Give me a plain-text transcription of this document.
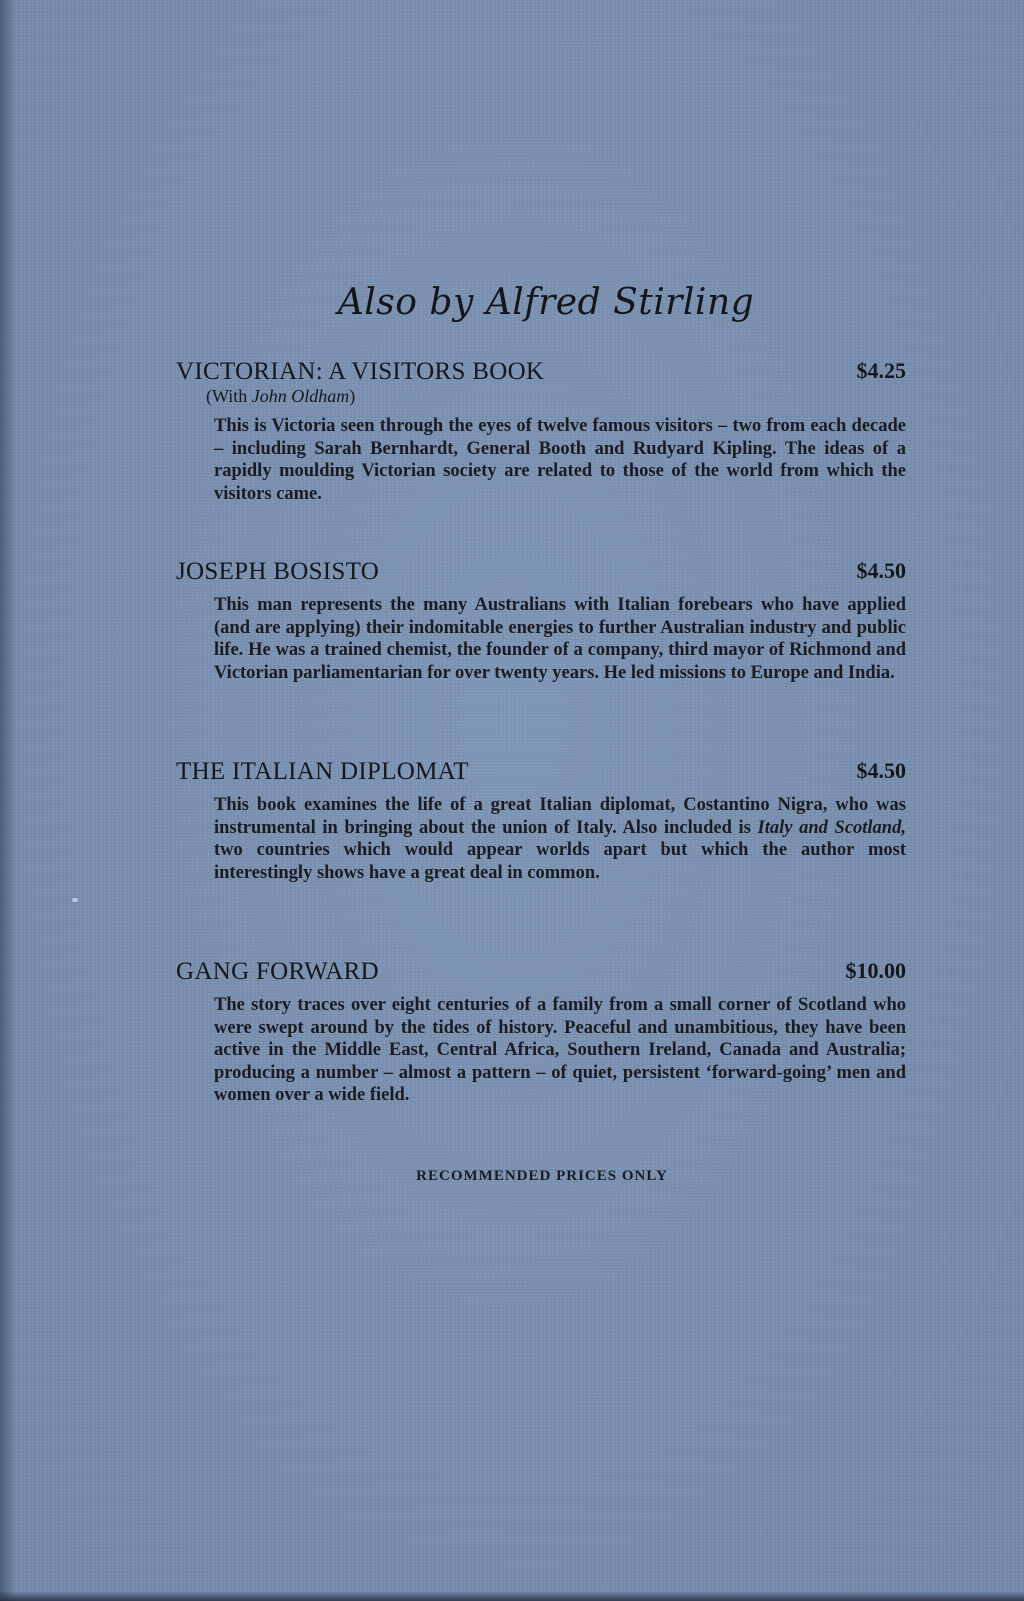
Also by Alfred Stirling
VICTORIAN: A VISITORS BOOK	$4.25
(With John Oldham)
This is Victoria seen through the eyes of twelve famous visitors – two from each decade – including Sarah Bernhardt, General Booth and Rudyard Kipling. The ideas of a rapidly moulding Victorian society are related to those of the world from which the visitors came.
JOSEPH BOSISTO	$4.50
This man represents the many Australians with Italian forebears who have applied (and are applying) their indomitable energies to further Australian industry and public life. He was a trained chemist, the founder of a company, third mayor of Richmond and Victorian parliamentarian for over twenty years. He led missions to Europe and India.
THE ITALIAN DIPLOMAT	$4.50
This book examines the life of a great Italian diplomat, Costantino Nigra, who was instrumental in bringing about the union of Italy. Also included is Italy and Scotland, two countries which would appear worlds apart but which the author most interestingly shows have a great deal in common.
GANG FORWARD	$10.00
The story traces over eight centuries of a family from a small corner of Scotland who were swept around by the tides of history. Peaceful and unambitious, they have been active in the Middle East, Central Africa, Southern Ireland, Canada and Australia; producing a number – almost a pattern – of quiet, persistent ‘forward-going’ men and women over a wide field.
RECOMMENDED PRICES ONLY
